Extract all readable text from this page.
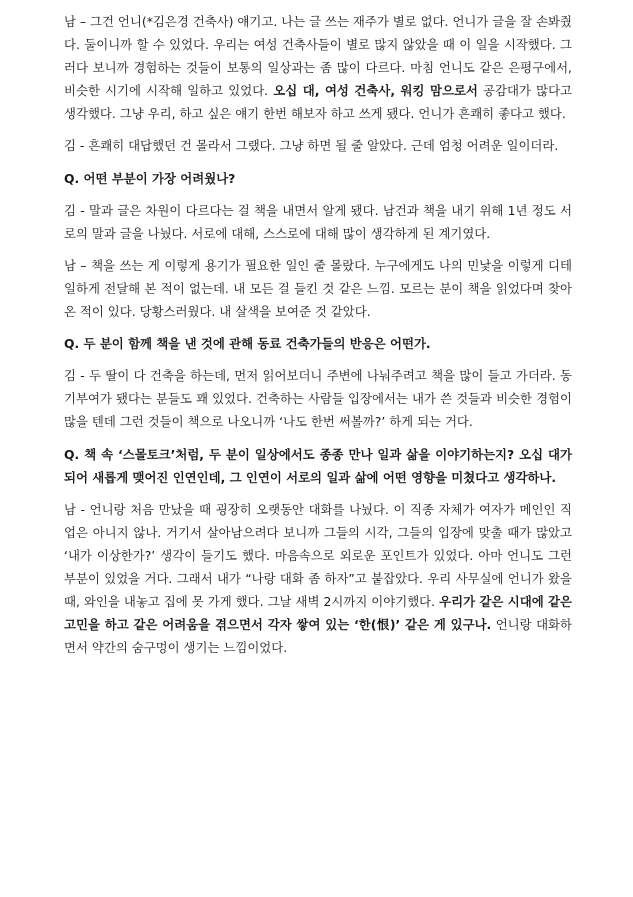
남 – 그건 언니(*김은경 건축사) 얘기고. 나는 글 쓰는 재주가 별로 없다. 언니가 글을 잘 손봐줬다. 둘이니까 할 수 있었다. 우리는 여성 건축사들이 별로 많지 않았을 때 이 일을 시작했다. 그러다 보니까 경험하는 것들이 보통의 일상과는 좀 많이 다르다. 마침 언니도 같은 은평구에서, 비슷한 시기에 시작해 일하고 있었다. 오십 대, 여성 건축사, 워킹 맘으로서 공감대가 많다고 생각했다. 그냥 우리, 하고 싶은 얘기 한번 해보자 하고 쓰게 됐다. 언니가 흔쾌히 좋다고 했다.

김 - 흔쾌히 대답했던 건 몰라서 그랬다. 그냥 하면 될 줄 알았다. 근데 엄청 어려운 일이더라.

Q. 어떤 부분이 가장 어려웠나?

김 - 말과 글은 차원이 다르다는 걸 책을 내면서 알게 됐다. 남건과 책을 내기 위해 1년 정도 서로의 말과 글을 나눴다. 서로에 대해, 스스로에 대해 많이 생각하게 된 계기였다.

남 – 책을 쓰는 게 이렇게 용기가 필요한 일인 줄 몰랐다. 누구에게도 나의 민낯을 이렇게 디테일하게 전달해 본 적이 없는데. 내 모든 걸 들킨 것 같은 느낌. 모르는 분이 책을 읽었다며 찾아온 적이 있다. 당황스러웠다. 내 살색을 보여준 것 같았다.

Q. 두 분이 함께 책을 낸 것에 관해 동료 건축가들의 반응은 어떤가.

김 - 두 딸이 다 건축을 하는데, 먼저 읽어보더니 주변에 나눠주려고 책을 많이 들고 가더라. 동기부여가 됐다는 분들도 꽤 있었다. 건축하는 사람들 입장에서는 내가 쓴 것들과 비슷한 경험이 많을 텐데 그런 것들이 책으로 나오니까 ‘나도 한번 써볼까?’ 하게 되는 거다.

Q. 책 속 ‘스몰토크’처럼, 두 분이 일상에서도 종종 만나 일과 삶을 이야기하는지? 오십 대가 되어 새롭게 맺어진 인연인데, 그 인연이 서로의 일과 삶에 어떤 영향을 미쳤다고 생각하나.

남 - 언니랑 처음 만났을 때 굉장히 오랫동안 대화를 나눴다. 이 직종 자체가 여자가 메인인 직업은 아니지 않나. 거기서 살아남으려다 보니까 그들의 시각, 그들의 입장에 맞출 때가 많았고 ‘내가 이상한가?’ 생각이 들기도 했다. 마음속으로 외로운 포인트가 있었다. 아마 언니도 그런 부분이 있었을 거다. 그래서 내가 “나랑 대화 좀 하자”고 붙잡았다. 우리 사무실에 언니가 왔을 때, 와인을 내놓고 집에 못 가게 했다. 그날 새벽 2시까지 이야기했다. 우리가 같은 시대에 같은 고민을 하고 같은 어려움을 겪으면서 각자 쌓여 있는 ‘한(恨)’ 같은 게 있구나. 언니랑 대화하면서 약간의 숨구멍이 생기는 느낌이었다.
